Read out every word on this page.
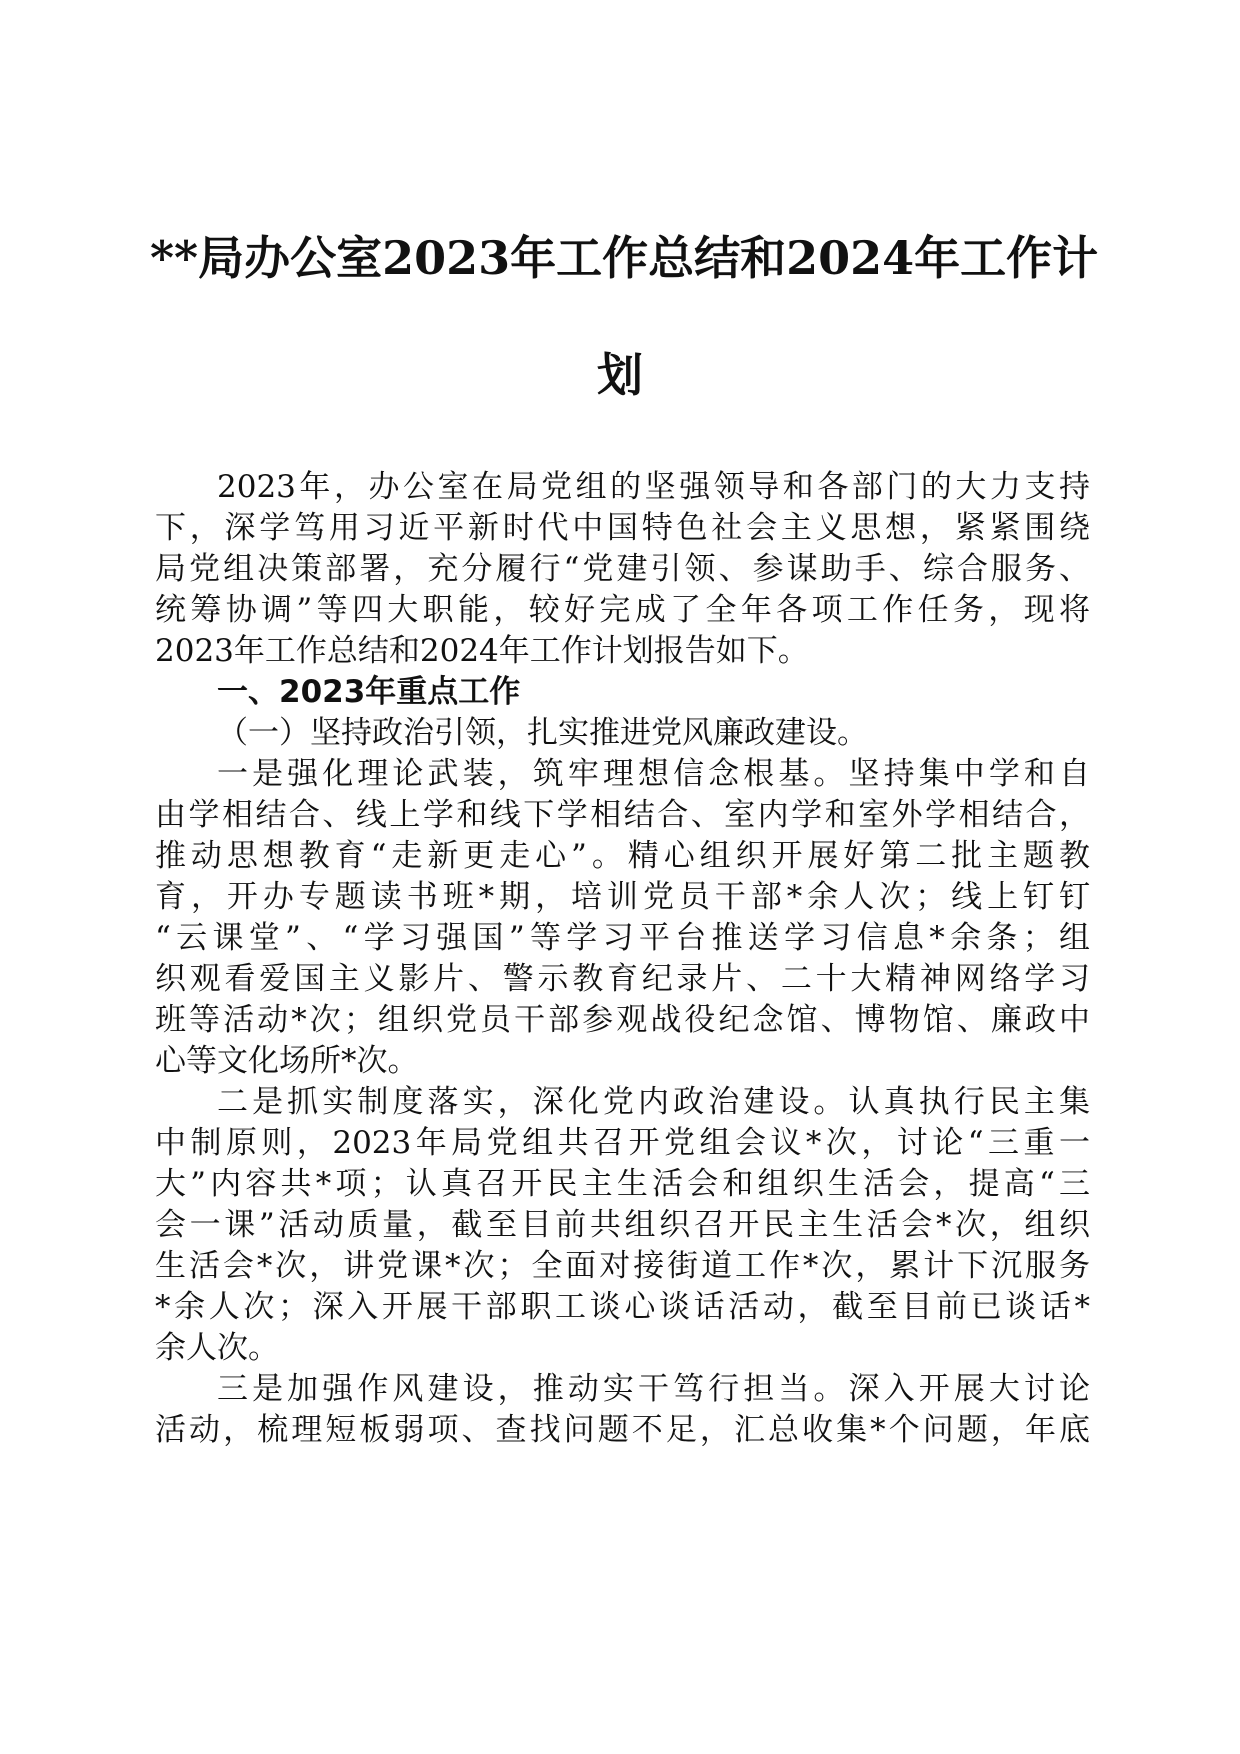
**局办公室2023年工作总结和2024年工作计
划
2023年，办公室在局党组的坚强领导和各部门的大力支持
下，深学笃用习近平新时代中国特色社会主义思想，紧紧围绕
局党组决策部署，充分履行“党建引领、参谋助手、综合服务、
统筹协调”等四大职能，较好完成了全年各项工作任务，现将
2023年工作总结和2024年工作计划报告如下。
一、2023年重点工作
（一）坚持政治引领，扎实推进党风廉政建设。
一是强化理论武装，筑牢理想信念根基。坚持集中学和自
由学相结合、线上学和线下学相结合、室内学和室外学相结合，
推动思想教育“走新更走心”。精心组织开展好第二批主题教
育，开办专题读书班*期，培训党员干部*余人次；线上钉钉
“云课堂”、“学习强国”等学习平台推送学习信息*余条；组
织观看爱国主义影片、警示教育纪录片、二十大精神网络学习
班等活动*次；组织党员干部参观战役纪念馆、博物馆、廉政中
心等文化场所*次。
二是抓实制度落实，深化党内政治建设。认真执行民主集
中制原则，2023年局党组共召开党组会议*次，讨论“三重一
大”内容共*项；认真召开民主生活会和组织生活会，提高“三
会一课”活动质量，截至目前共组织召开民主生活会*次，组织
生活会*次，讲党课*次；全面对接街道工作*次，累计下沉服务
*余人次；深入开展干部职工谈心谈话活动，截至目前已谈话*
余人次。
三是加强作风建设，推动实干笃行担当。深入开展大讨论
活动，梳理短板弱项、查找问题不足，汇总收集*个问题，年底
